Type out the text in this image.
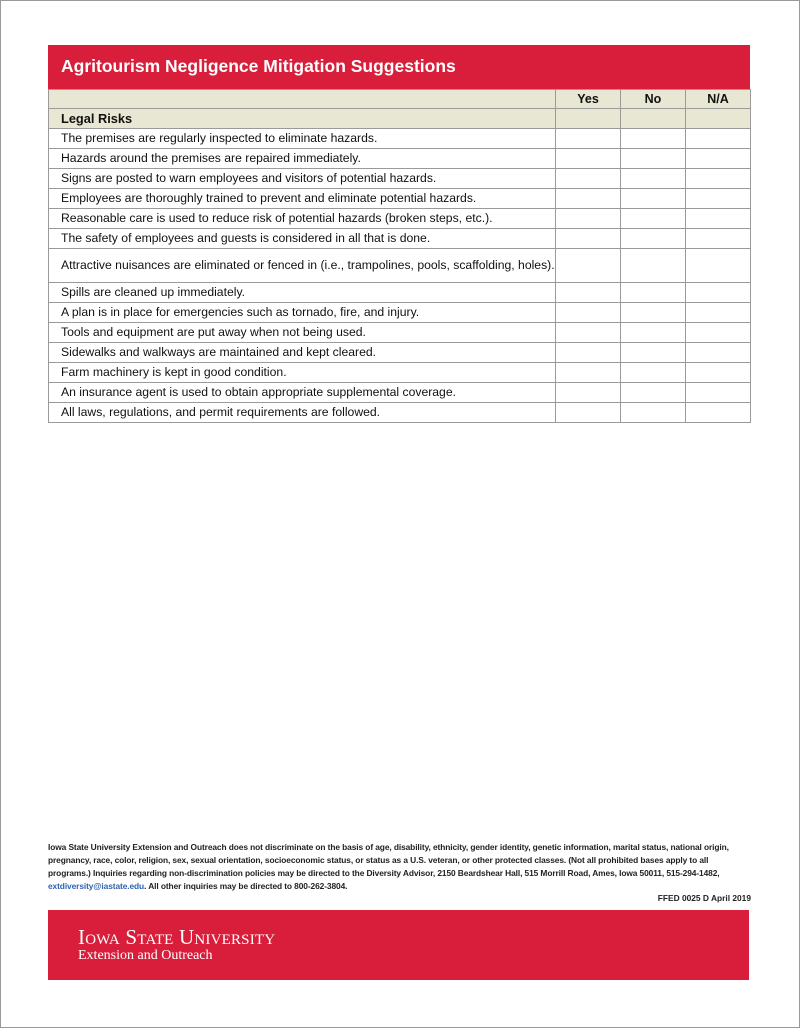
Agritourism Negligence Mitigation Suggestions
	Yes	No	N/A
Legal Risks			
The premises are regularly inspected to eliminate hazards.			
Hazards around the premises are repaired immediately.			
Signs are posted to warn employees and visitors of potential hazards.			
Employees are thoroughly trained to prevent and eliminate potential hazards.			
Reasonable care is used to reduce risk of potential hazards (broken steps, etc.).			
The safety of employees and guests is considered in all that is done.			
Attractive nuisances are eliminated or fenced in (i.e., trampolines, pools, scaffolding, holes).			
Spills are cleaned up immediately.			
A plan is in place for emergencies such as tornado, fire, and injury.			
Tools and equipment are put away when not being used.			
Sidewalks and walkways are maintained and kept cleared.			
Farm machinery is kept in good condition.			
An insurance agent is used to obtain appropriate supplemental coverage.			
All laws, regulations, and permit requirements are followed.			
Iowa State University Extension and Outreach does not discriminate on the basis of age, disability, ethnicity, gender identity, genetic information, marital status, national origin, pregnancy, race, color, religion, sex, sexual orientation, socioeconomic status, or status as a U.S. veteran, or other protected classes. (Not all prohibited bases apply to all programs.) Inquiries regarding non-discrimination policies may be directed to the Diversity Advisor, 2150 Beardshear Hall, 515 Morrill Road, Ames, Iowa 50011, 515-294-1482, extdiversity@iastate.edu. All other inquiries may be directed to 800-262-3804.
FFED 0025 D April 2019
Iowa State University
Extension and Outreach
